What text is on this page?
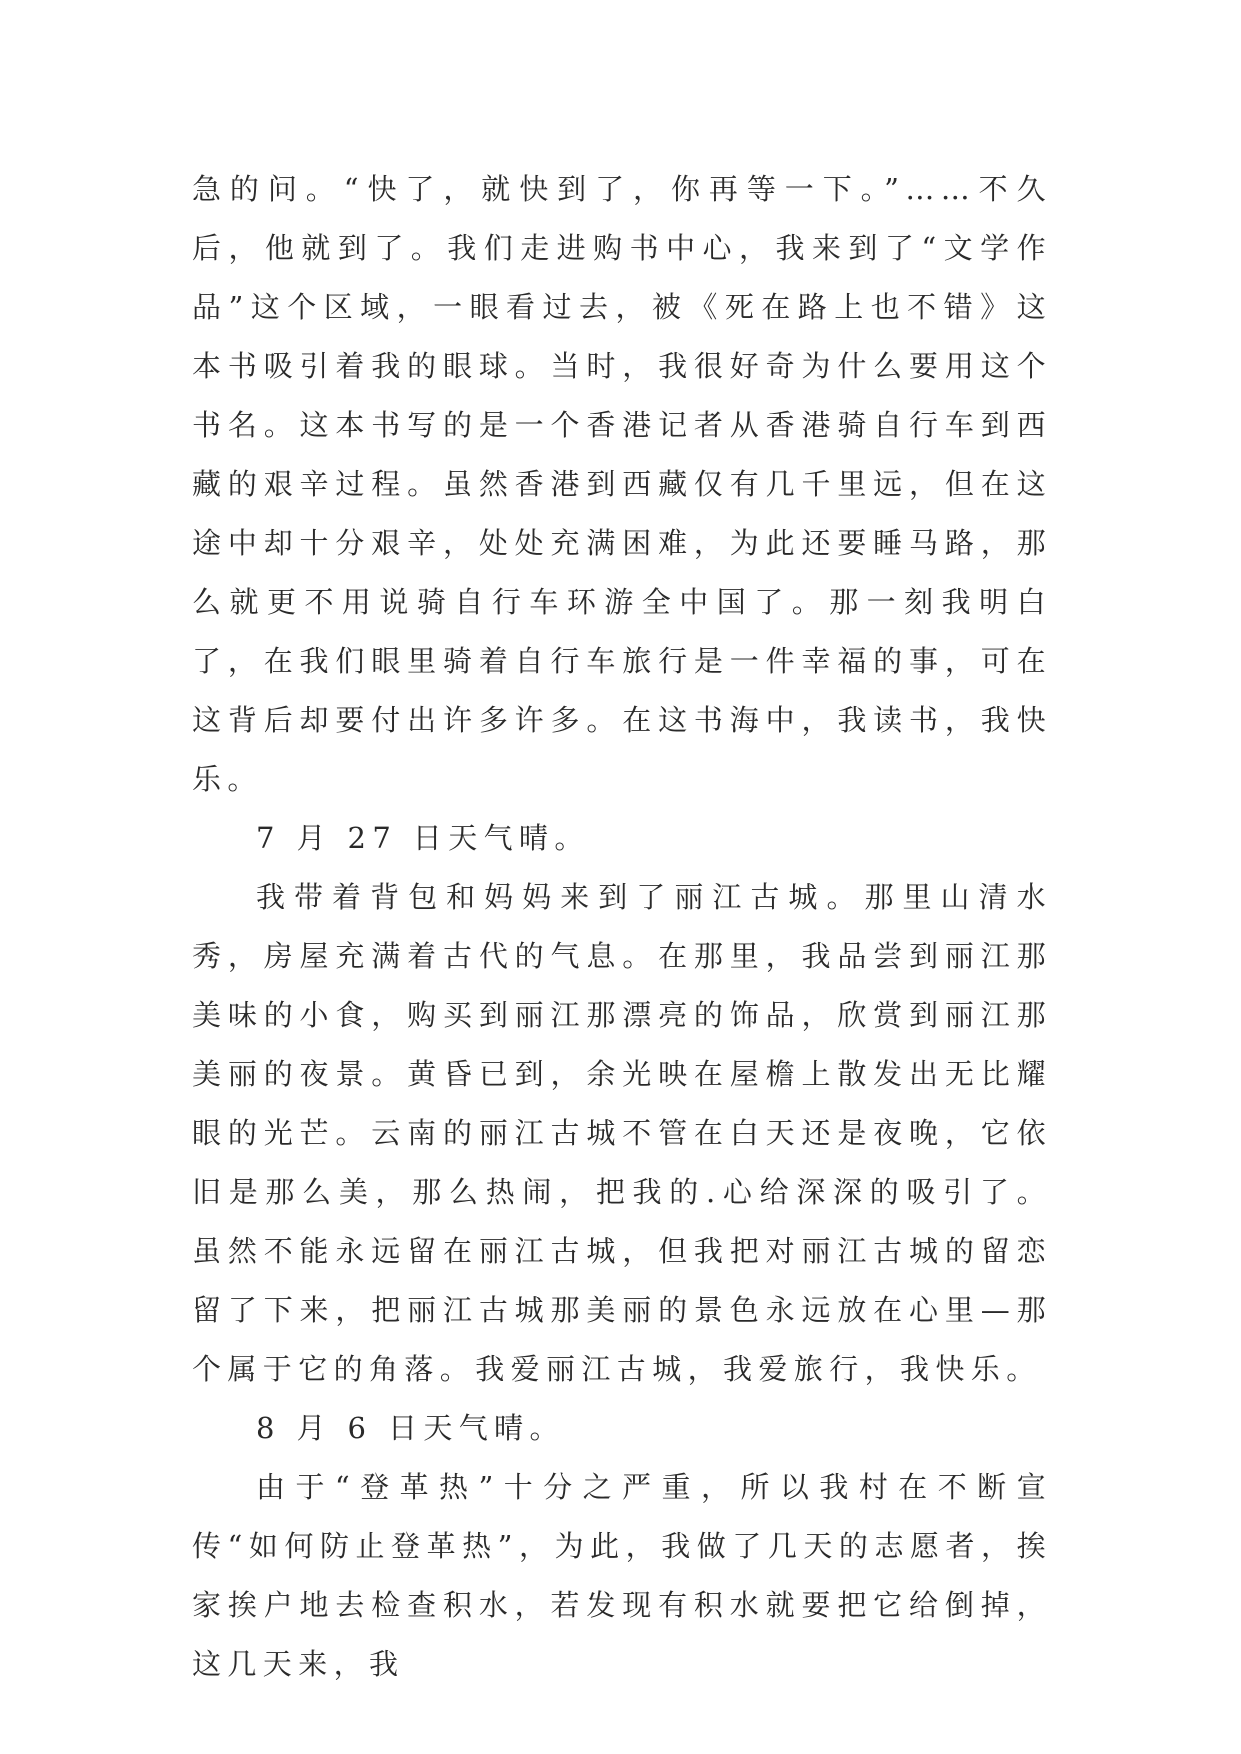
急的问。“快了，就快到了，你再等一下。”……不久后，他就到了。我们走进购书中心，我来到了“文学作品”这个区域，一眼看过去，被《死在路上也不错》这本书吸引着我的眼球。当时，我很好奇为什么要用这个书名。这本书写的是一个香港记者从香港骑自行车到西藏的艰辛过程。虽然香港到西藏仅有几千里远，但在这途中却十分艰辛，处处充满困难，为此还要睡马路，那么就更不用说骑自行车环游全中国了。那一刻我明白了，在我们眼里骑着自行车旅行是一件幸福的事，可在这背后却要付出许多许多。在这书海中，我读书，我快乐。

7 月 27 日天气晴。

我带着背包和妈妈来到了丽江古城。那里山清水秀，房屋充满着古代的气息。在那里，我品尝到丽江那美味的小食，购买到丽江那漂亮的饰品，欣赏到丽江那美丽的夜景。黄昏已到，余光映在屋檐上散发出无比耀眼的光芒。云南的丽江古城不管在白天还是夜晚，它依旧是那么美，那么热闹，把我的.心给深深的吸引了。虽然不能永远留在丽江古城，但我把对丽江古城的留恋留了下来，把丽江古城那美丽的景色永远放在心里—那个属于它的角落。我爱丽江古城，我爱旅行，我快乐。

8 月 6 日天气晴。

由于“登革热”十分之严重，所以我村在不断宣传“如何防止登革热”，为此，我做了几天的志愿者，挨家挨户地去检查积水，若发现有积水就要把它给倒掉，这几天来，我
